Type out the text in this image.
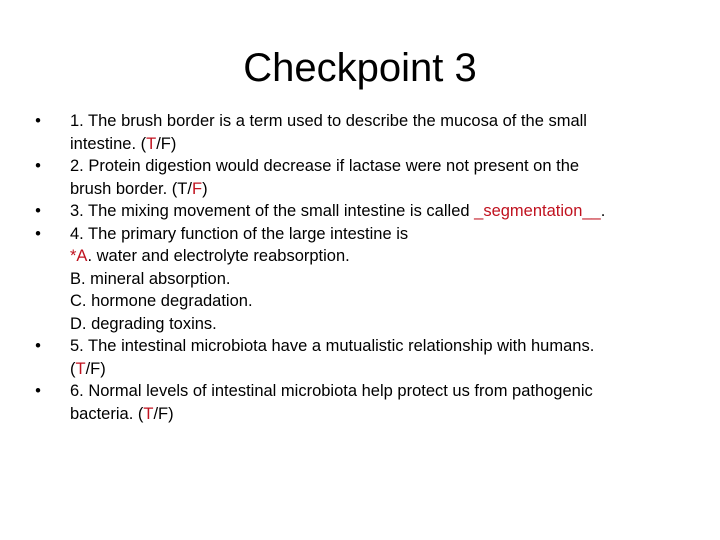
Checkpoint 3
• 1. The brush border is a term used to describe the mucosa of the small
intestine. (T/F)
• 2. Protein digestion would decrease if lactase were not present on the
brush border. (T/F)
• 3. The mixing movement of the small intestine is called _segmentation__.
• 4. The primary function of the large intestine is
*A. water and electrolyte reabsorption.
B. mineral absorption.
C. hormone degradation.
D. degrading toxins.
• 5. The intestinal microbiota have a mutualistic relationship with humans.
(T/F)
• 6. Normal levels of intestinal microbiota help protect us from pathogenic
bacteria. (T/F)
